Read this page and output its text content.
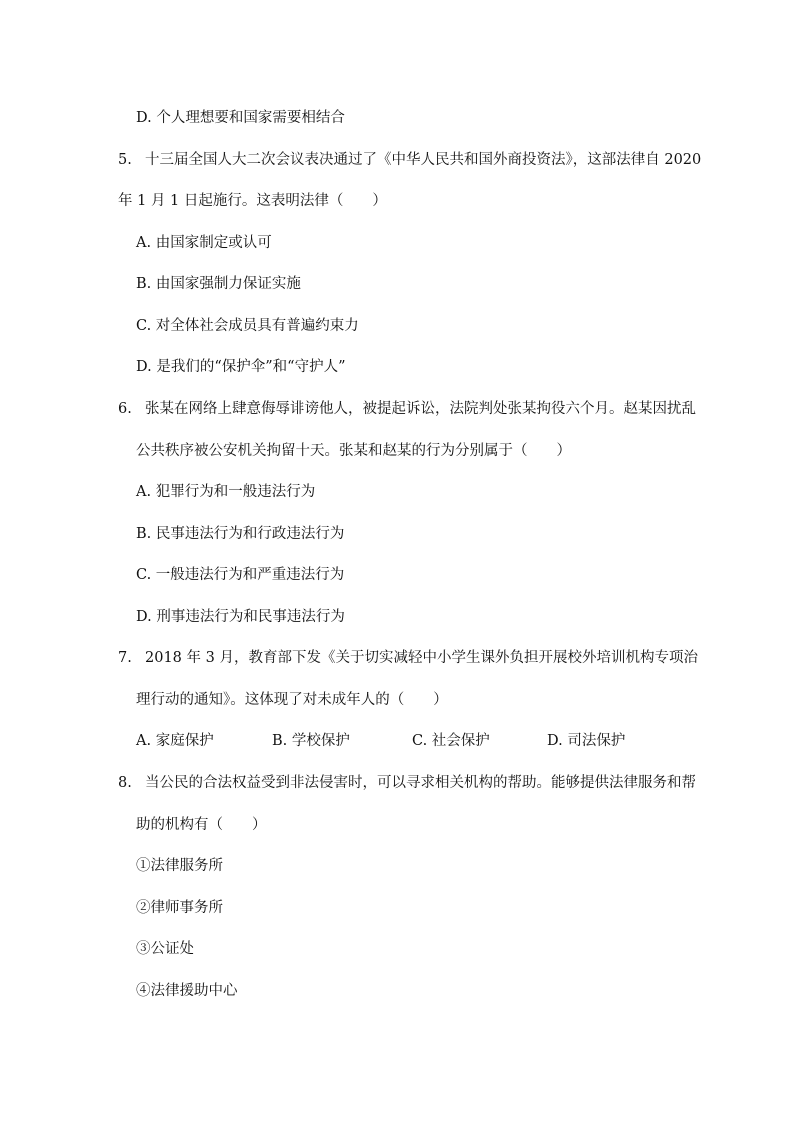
D. 个人理想要和国家需要相结合
5. 十三届全国人大二次会议表决通过了《中华人民共和国外商投资法》，这部法律自 2020
年 1 月 1 日起施行。这表明法律（　　）
A. 由国家制定或认可
B. 由国家强制力保证实施
C. 对全体社会成员具有普遍约束力
D. 是我们的“保护伞”和“守护人”
6. 张某在网络上肆意侮辱诽谤他人，被提起诉讼，法院判处张某拘役六个月。赵某因扰乱
公共秩序被公安机关拘留十天。张某和赵某的行为分别属于（　　）
A. 犯罪行为和一般违法行为
B. 民事违法行为和行政违法行为
C. 一般违法行为和严重违法行为
D. 刑事违法行为和民事违法行为
7. 2018 年 3 月，教育部下发《关于切实减轻中小学生课外负担开展校外培训机构专项治
理行动的通知》。这体现了对未成年人的（　　）
A. 家庭保护	B. 学校保护	C. 社会保护	D. 司法保护
8. 当公民的合法权益受到非法侵害时，可以寻求相关机构的帮助。能够提供法律服务和帮
助的机构有（　　）
①法律服务所
②律师事务所
③公证处
④法律援助中心
